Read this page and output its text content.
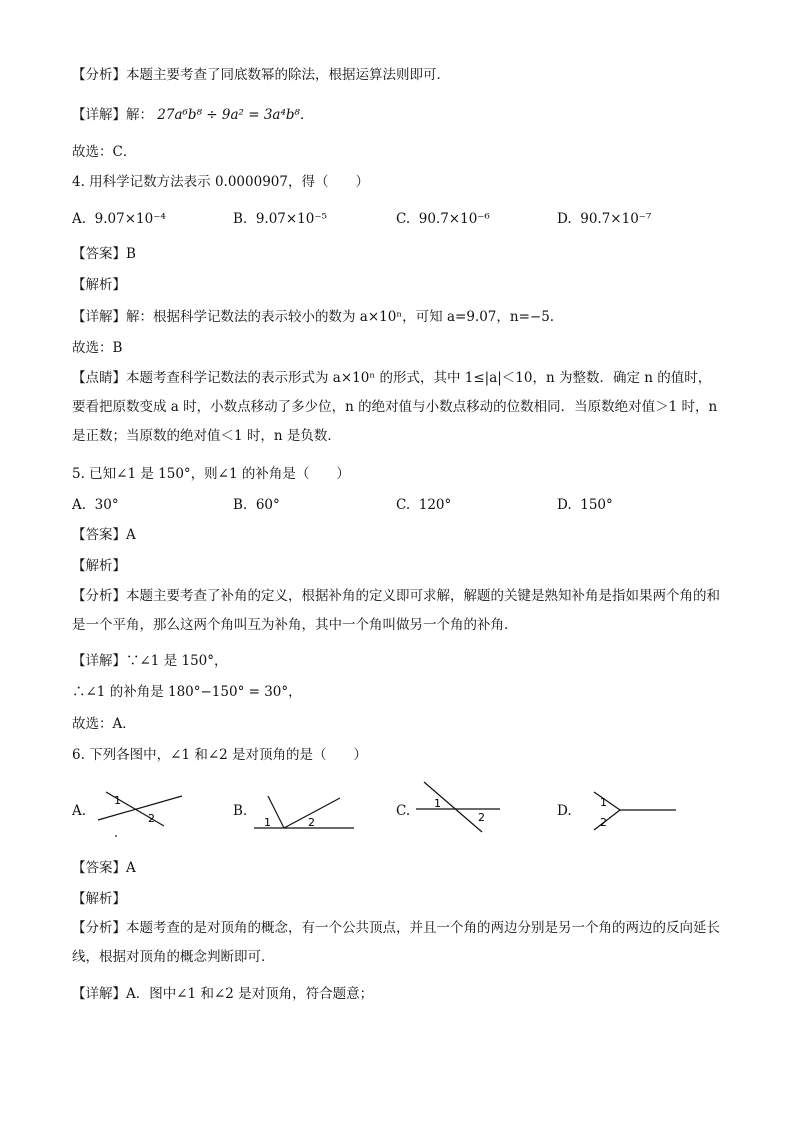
【分析】本题主要考查了同底数幂的除法，根据运算法则即可．
【详解】解： 27a⁶b⁸ ÷ 9a² = 3a⁴b⁸．
故选：C．
4. 用科学记数方法表示 0.0000907，得（　　）
A. 9.07×10⁻⁴	B. 9.07×10⁻⁵	C. 90.7×10⁻⁶	D. 90.7×10⁻⁷
【答案】B
【解析】
【详解】解：根据科学记数法的表示较小的数为 a×10ⁿ，可知 a=9.07，n=−5.
故选：B
【点睛】本题考查科学记数法的表示形式为 a×10ⁿ 的形式，其中 1≤|a|＜10，n 为整数．确定 n 的值时，要看把原数变成 a 时，小数点移动了多少位，n 的绝对值与小数点移动的位数相同．当原数绝对值＞1 时，n 是正数；当原数的绝对值＜1 时，n 是负数．
5. 已知∠1 是 150°，则∠1 的补角是（　　）
A. 30°	B. 60°	C. 120°	D. 150°
【答案】A
【解析】
【分析】本题主要考查了补角的定义，根据补角的定义即可求解，解题的关键是熟知补角是指如果两个角的和是一个平角，那么这两个角叫互为补角，其中一个角叫做另一个角的补角．
【详解】∵∠1 是 150°，
∴∠1 的补角是 180°−150° = 30°，
故选：A．
6. 下列各图中，∠1 和∠2 是对顶角的是（　　）
A.
1
2	B.
1	2
C. 1
2	D.
1
2
【答案】A
【解析】
【分析】本题考查的是对顶角的概念，有一个公共顶点，并且一个角的两边分别是另一个角的两边的反向延长线，根据对顶角的概念判断即可．
【详解】A．图中∠1 和∠2 是对顶角，符合题意；
